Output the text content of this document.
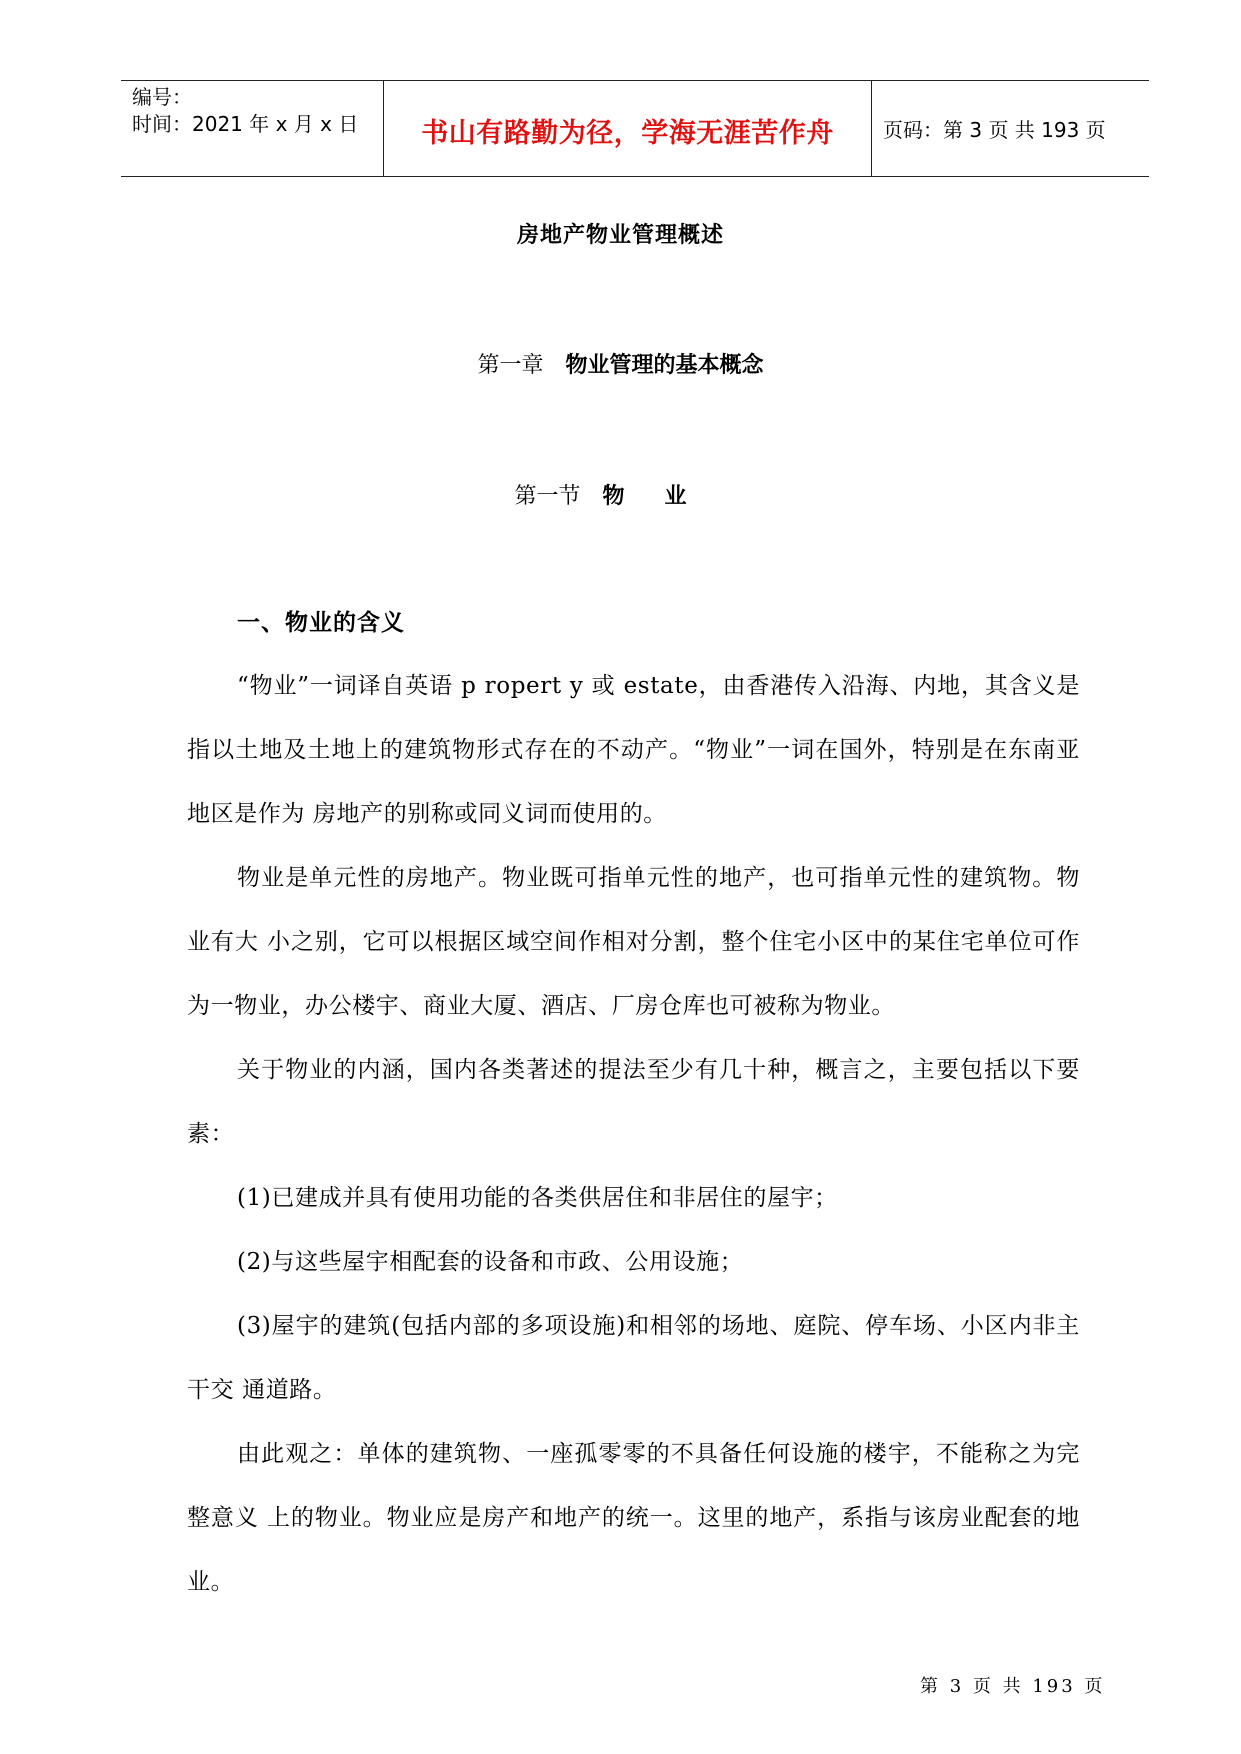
编号：
时间：2021 年 x 月 x 日	书山有路勤为径，学海无涯苦作舟	页码：第 3 页 共 193 页
房地产物业管理概述
第一章 物业管理的基本概念
第一节 物业
一、物业的含义
“物业”一词译自英语 p ropert y 或 estate，由香港传入沿海、内地，其含义是指以土地及土地上的建筑物形式存在的不动产。“物业”一词在国外，特别是在东南亚地区是作为 房地产的别称或同义词而使用的。
物业是单元性的房地产。物业既可指单元性的地产，也可指单元性的建筑物。物业有大 小之别，它可以根据区域空间作相对分割，整个住宅小区中的某住宅单位可作为一物业，办公楼宇、商业大厦、酒店、厂房仓库也可被称为物业。
关于物业的内涵，国内各类著述的提法至少有几十种，概言之，主要包括以下要素：
(1)已建成并具有使用功能的各类供居住和非居住的屋宇；
(2)与这些屋宇相配套的设备和市政、公用设施；
(3)屋宇的建筑(包括内部的多项设施)和相邻的场地、庭院、停车场、小区内非主干交 通道路。
由此观之：单体的建筑物、一座孤零零的不具备任何设施的楼宇，不能称之为完整意义 上的物业。物业应是房产和地产的统一。这里的地产，系指与该房业配套的地业。
第 3 页 共 193 页
